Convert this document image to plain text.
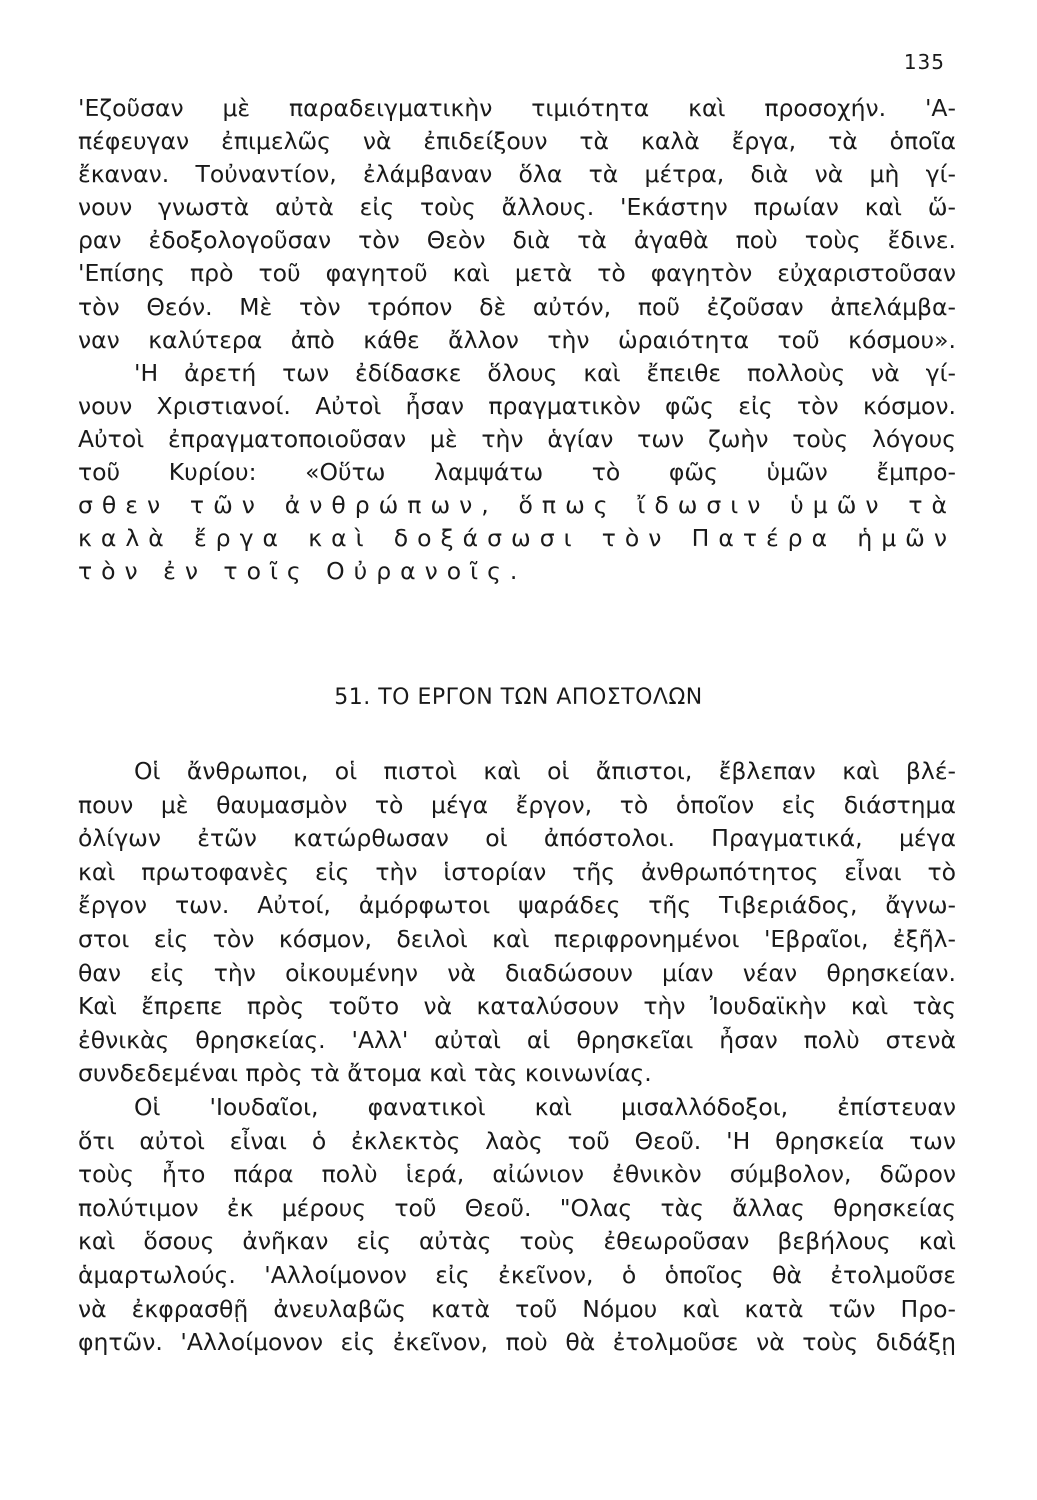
135
'Εζοῦσαν μὲ παραδειγματικὴν τιμιότητα καὶ προσοχήν. 'Α-
πέφευγαν ἐπιμελῶς νὰ ἐπιδείξουν τὰ καλὰ ἔργα, τὰ ὁποῖα
ἔκαναν. Τοὐναντίον, ἐλάμβαναν ὅλα τὰ μέτρα, διὰ νὰ μὴ γί-
νουν γνωστὰ αὐτὰ εἰς τοὺς ἄλλους. 'Εκάστην πρωίαν καὶ ὥ-
ραν ἐδοξολογοῦσαν τὸν Θεὸν διὰ τὰ ἀγαθὰ ποὺ τοὺς ἔδινε.
'Επίσης πρὸ τοῦ φαγητοῦ καὶ μετὰ τὸ φαγητὸν εὐχαριστοῦσαν
τὸν Θεόν. Μὲ τὸν τρόπον δὲ αὐτόν, ποῦ ἐζοῦσαν ἀπελάμβα-
ναν καλύτερα ἀπὸ κάθε ἄλλον τὴν ὡραιότητα τοῦ κόσμου».
'Η ἀρετή των ἐδίδασκε ὅλους καὶ ἔπειθε πολλοὺς νὰ γί-
νουν Χριστιανοί. Αὐτοὶ ἦσαν πραγματικὸν φῶς εἰς τὸν κόσμον.
Αὐτοὶ ἐπραγματοποιοῦσαν μὲ τὴν ἁγίαν των ζωὴν τοὺς λόγους
τοῦ Κυρίου: «Οὕτω λαμψάτω τὸ φῶς ὑμῶν ἔμπρο-
σθεν τῶν ἀνθρώπων, ὅπως ἴδωσιν ὑμῶν τὰ
καλὰ ἔργα καὶ δοξάσωσι τὸν Πατέρα ἡμῶν
τὸν ἐν τοῖς Οὐρανοῖς.
51. ΤΟ ΕΡΓΟΝ ΤΩΝ ΑΠΟΣΤΟΛΩΝ
Οἱ ἄνθρωποι, οἱ πιστοὶ καὶ οἱ ἄπιστοι, ἔβλεπαν καὶ βλέ-
πουν μὲ θαυμασμὸν τὸ μέγα ἔργον, τὸ ὁποῖον εἰς διάστημα
ὀλίγων ἐτῶν κατώρθωσαν οἱ ἀπόστολοι. Πραγματικά, μέγα
καὶ πρωτοφανὲς εἰς τὴν ἱστορίαν τῆς ἀνθρωπότητος εἶναι τὸ
ἔργον των. Αὐτοί, ἀμόρφωτοι ψαράδες τῆς Τιβεριάδος, ἄγνω-
στοι εἰς τὸν κόσμον, δειλοὶ καὶ περιφρονημένοι 'Εβραῖοι, ἐξῆλ-
θαν εἰς τὴν οἰκουμένην νὰ διαδώσουν μίαν νέαν θρησκείαν.
Καὶ ἔπρεπε πρὸς τοῦτο νὰ καταλύσουν τὴν Ἰουδαϊκὴν καὶ τὰς
ἐθνικὰς θρησκείας. 'Αλλ' αὐταὶ αἱ θρησκεῖαι ἦσαν πολὺ στενὰ
συνδεδεμέναι πρὸς τὰ ἄτομα καὶ τὰς κοινωνίας.
Οἱ 'Ιουδαῖοι, φανατικοὶ καὶ μισαλλόδοξοι, ἐπίστευαν
ὅτι αὐτοὶ εἶναι ὁ ἐκλεκτὸς λαὸς τοῦ Θεοῦ. 'Η θρησκεία των
τοὺς ἦτο πάρα πολὺ ἱερά, αἰώνιον ἐθνικὸν σύμβολον, δῶρον
πολύτιμον ἐκ μέρους τοῦ Θεοῦ. "Ολας τὰς ἄλλας θρησκείας
καὶ ὅσους ἀνῆκαν εἰς αὐτὰς τοὺς ἐθεωροῦσαν βεβήλους καὶ
ἁμαρτωλούς. 'Αλλοίμονον εἰς ἐκεῖνον, ὁ ὁποῖος θὰ ἐτολμοῦσε
νὰ ἐκφρασθῇ ἀνευλαβῶς κατὰ τοῦ Νόμου καὶ κατὰ τῶν Προ-
φητῶν. 'Αλλοίμονον εἰς ἐκεῖνον, ποὺ θὰ ἐτολμοῦσε νὰ τοὺς διδάξῃ
